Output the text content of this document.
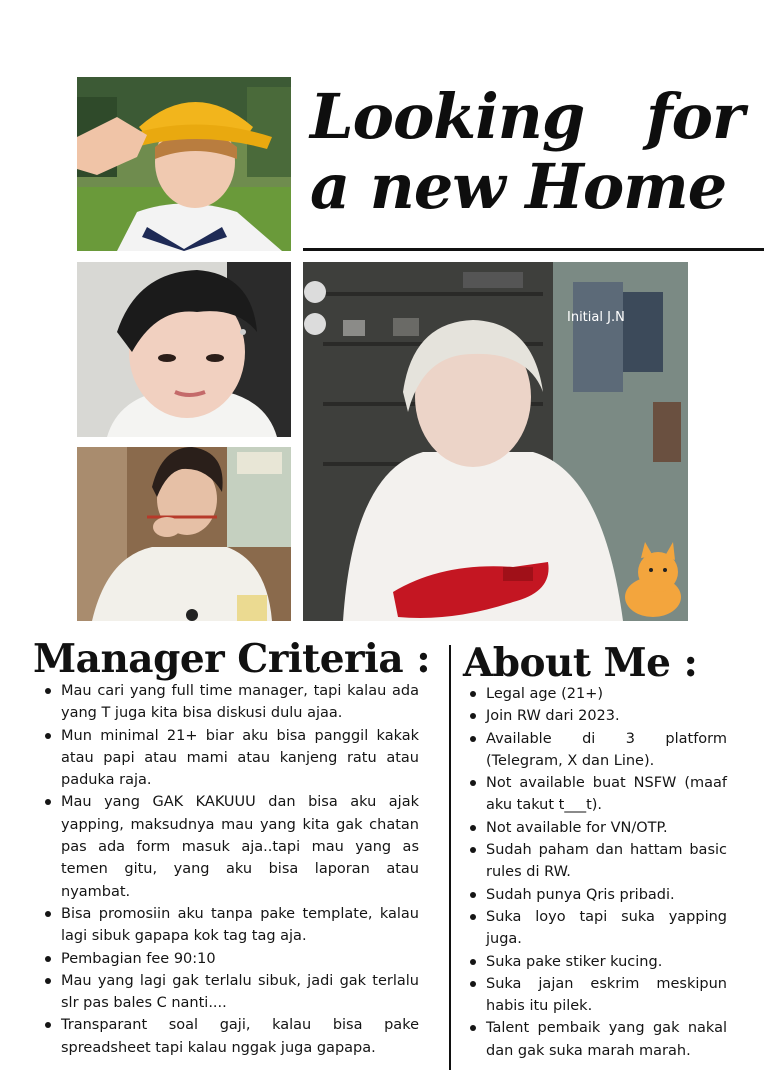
Initial J.N
Looking   for
a new Home
Manager Criteria :
Mau cari yang full time manager, tapi kalau ada yang T juga kita bisa diskusi dulu ajaa.
Mun minimal 21+ biar aku bisa panggil kakak atau papi atau mami atau kanjeng ratu atau paduka raja.
Mau yang GAK KAKUUU dan bisa aku ajak yapping, maksudnya mau yang kita gak chatan pas ada form masuk aja..tapi mau yang as temen gitu, yang aku bisa laporan atau nyambat.
Bisa promosiin aku tanpa pake template, kalau lagi sibuk gapapa kok tag tag aja.
Pembagian fee 90:10
Mau yang lagi gak terlalu sibuk, jadi gak terlalu slr pas bales C nanti....
Transparant soal gaji, kalau bisa pake spreadsheet tapi kalau nggak juga gapapa.
About Me :
Legal age (21+)
Join RW dari 2023.
Available di 3 platform (Telegram, X dan Line).
Not available buat NSFW (maaf aku takut t___t).
Not available for VN/OTP.
Sudah paham dan hattam basic rules di RW.
Sudah punya Qris pribadi.
Suka loyo tapi suka yapping juga.
Suka pake stiker kucing.
Suka jajan eskrim meskipun habis itu pilek.
Talent pembaik yang gak nakal dan gak suka marah marah.
